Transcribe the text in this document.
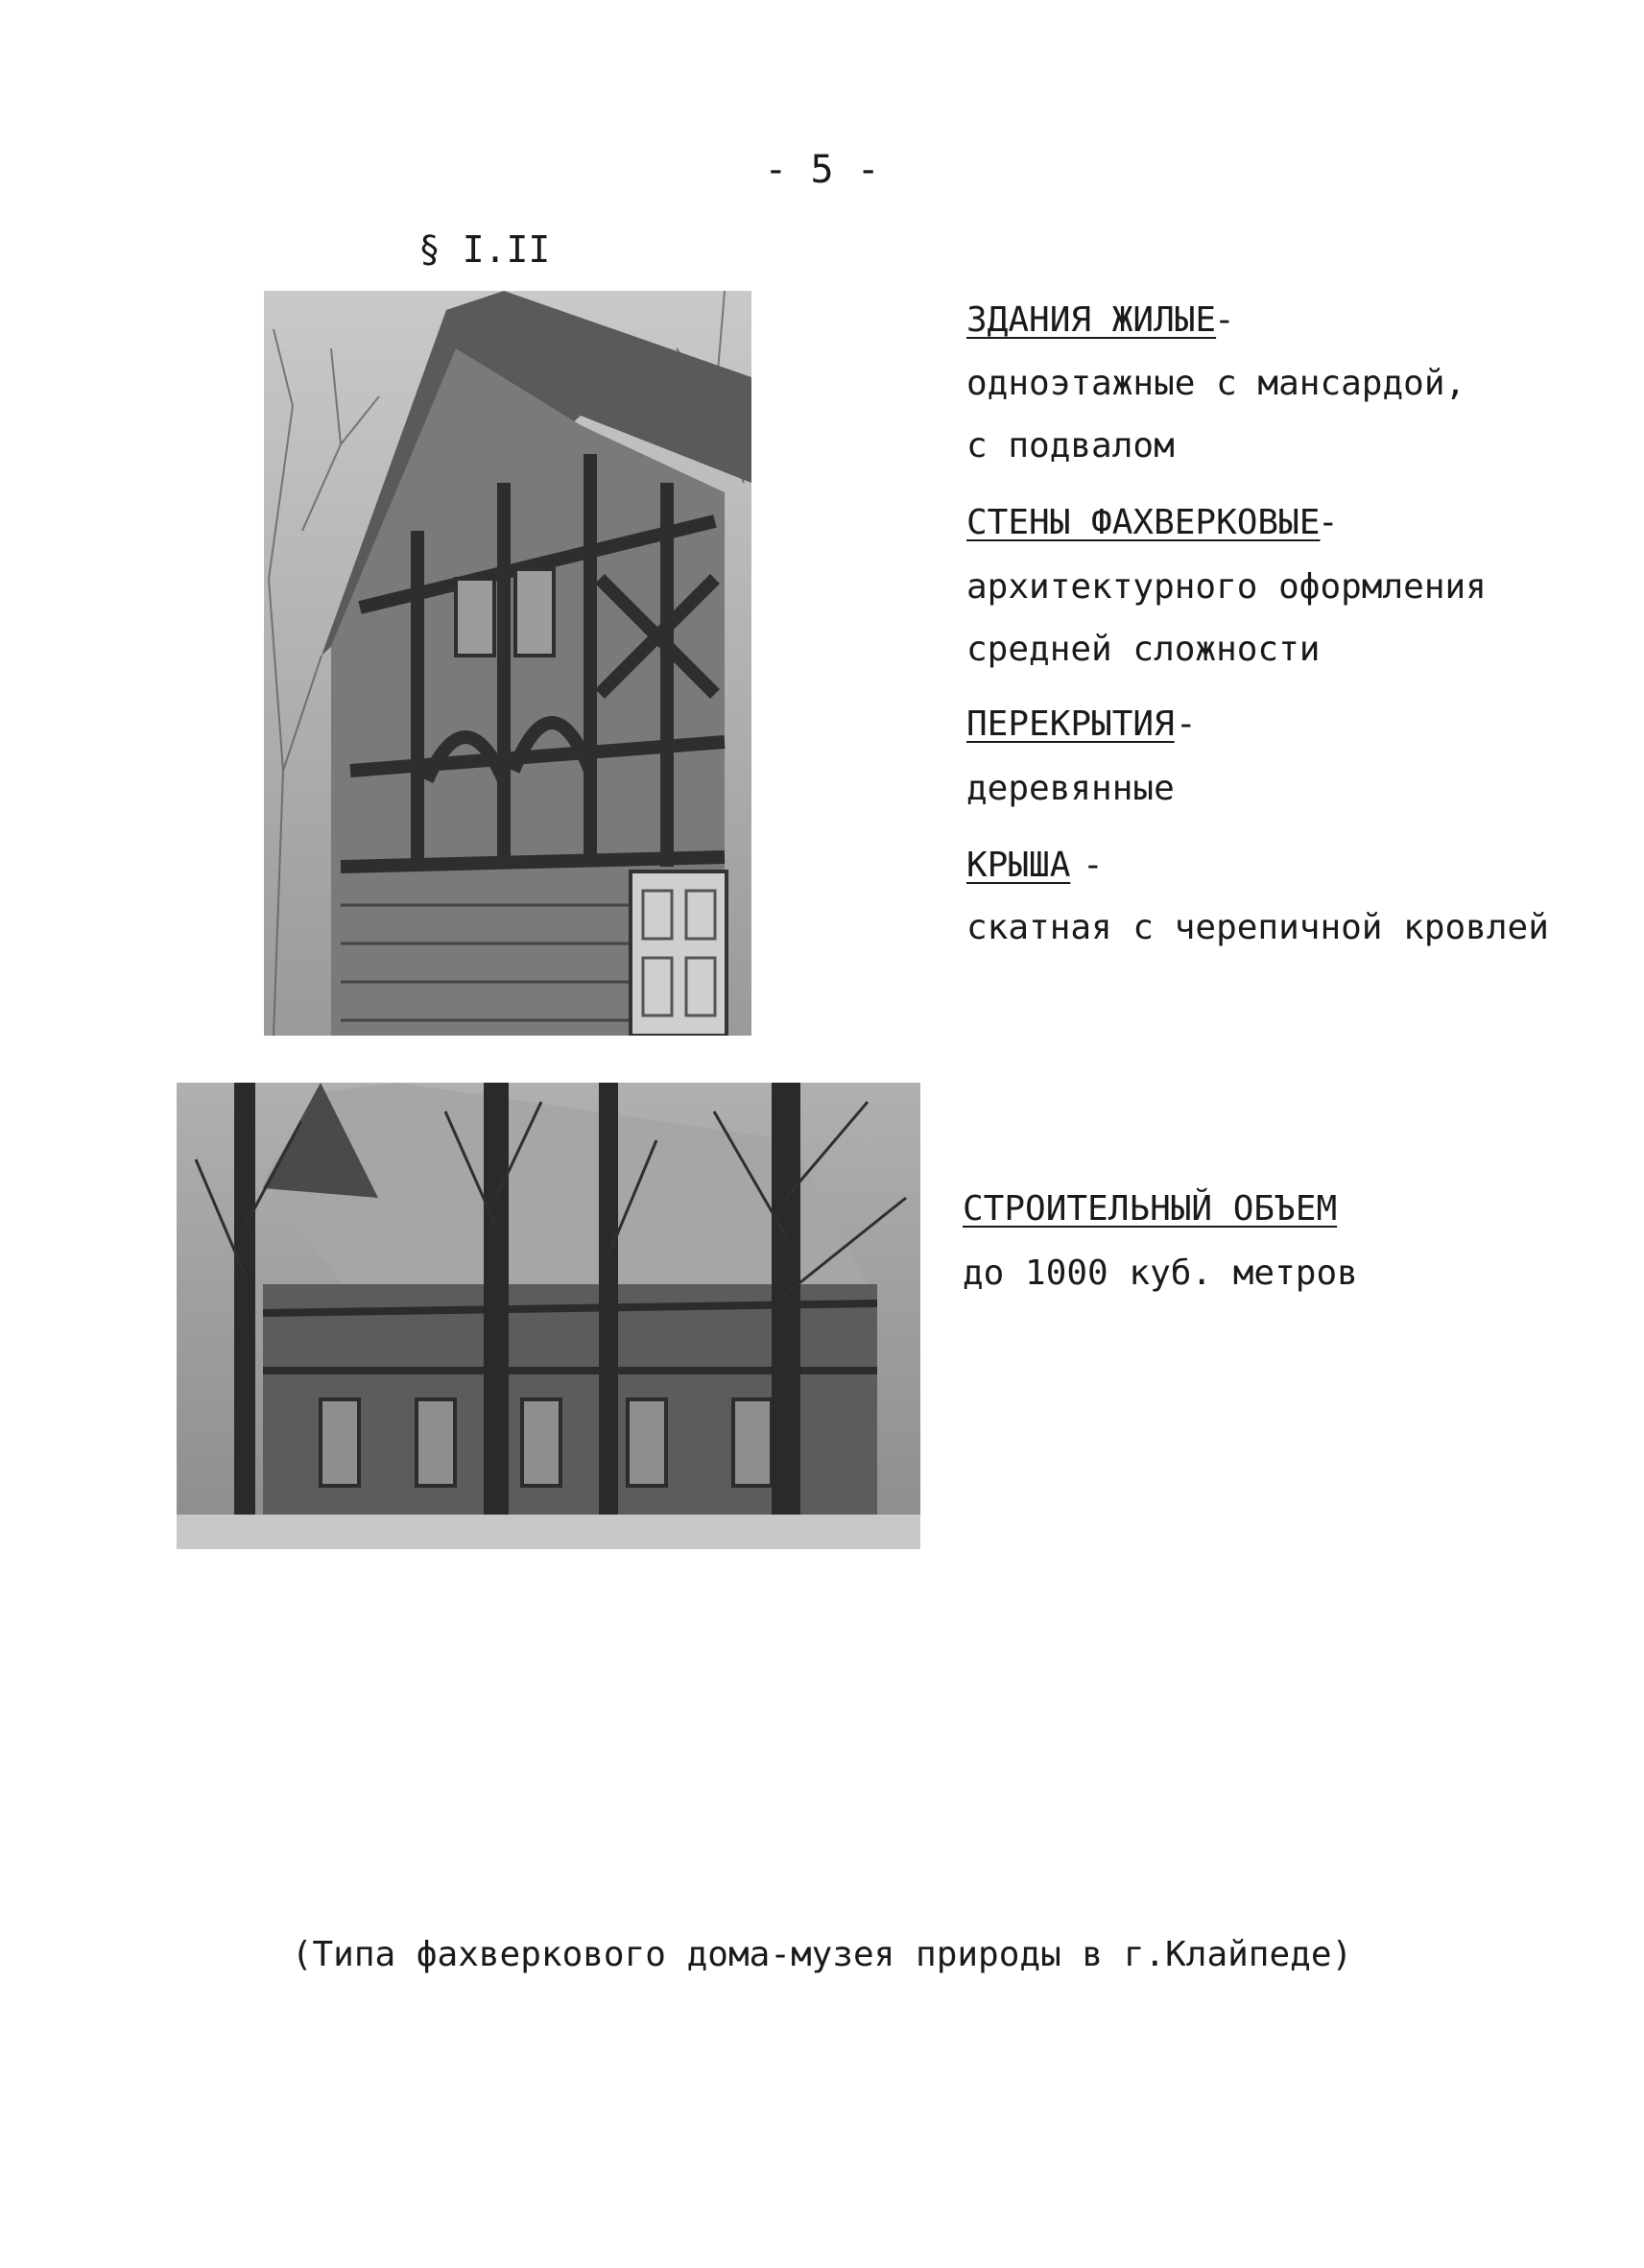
- 5 -
§ I.II
ЗДАНИЯ ЖИЛЫЕ
-
одноэтажные с мансардой,
с подвалом
СТЕНЫ ФАХВЕРКОВЫЕ
-
архитектурного оформления
средней сложности
ПЕРЕКРЫТИЯ -
деревянные
КРЫША -
скатная с черепичной кровлей
СТРОИТЕЛЬНЫЙ ОБЪЕМ
до 1000 куб. метров
(Типа фахверкового дома-музея природы в г.Клайпеде)
